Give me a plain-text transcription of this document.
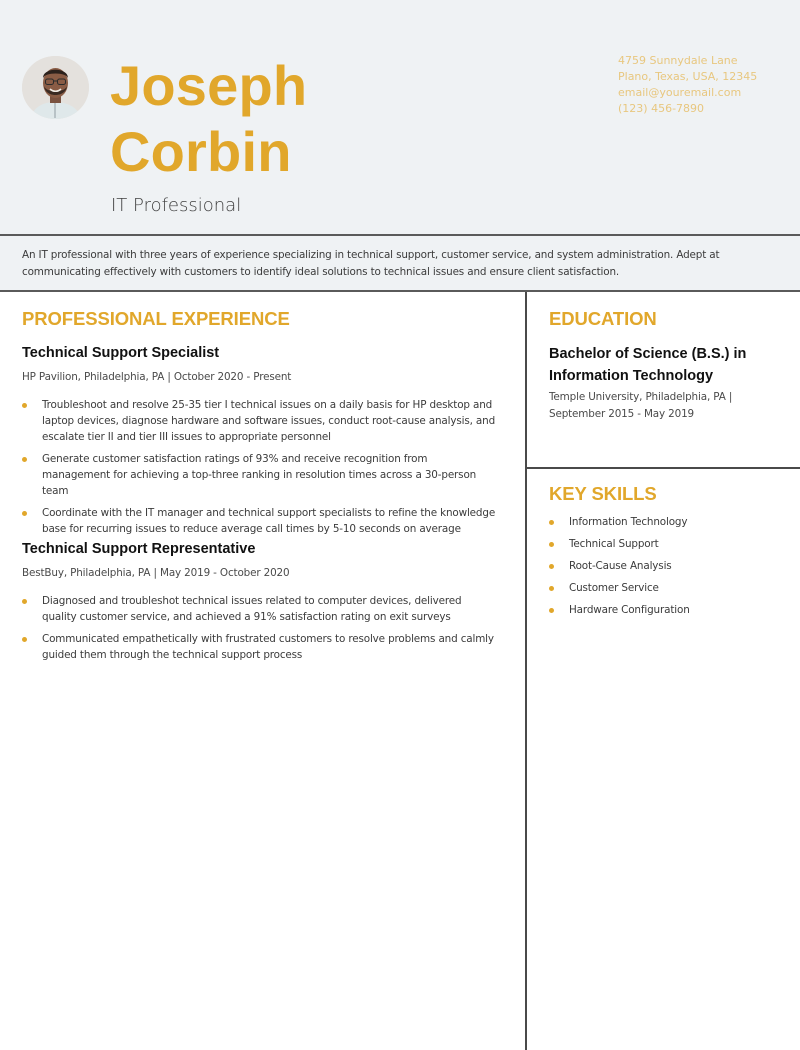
Joseph
Corbin
IT Professional
4759 Sunnydale Lane
Plano, Texas, USA, 12345
email@youremail.com
(123) 456-7890
An IT professional with three years of experience specializing in technical support, customer service, and system administration. Adept at communicating effectively with customers to identify ideal solutions to technical issues and ensure client satisfaction.
PROFESSIONAL EXPERIENCE
Technical Support Specialist
HP Pavilion, Philadelphia, PA | October 2020 - Present
Troubleshoot and resolve 25-35 tier I technical issues on a daily basis for HP desktop and laptop devices, diagnose hardware and software issues, conduct root-cause analysis, and escalate tier II and tier III issues to appropriate personnel
Generate customer satisfaction ratings of 93% and receive recognition from management for achieving a top-three ranking in resolution times across a 30-person team
Coordinate with the IT manager and technical support specialists to refine the knowledge base for recurring issues to reduce average call times by 5-10 seconds on average
Technical Support Representative
BestBuy, Philadelphia, PA | May 2019 - October 2020
Diagnosed and troubleshot technical issues related to computer devices, delivered quality customer service, and achieved a 91% satisfaction rating on exit surveys
Communicated empathetically with frustrated customers to resolve problems and calmly guided them through the technical support process
EDUCATION
Bachelor of Science (B.S.) in Information Technology
Temple University, Philadelphia, PA |
September 2015 - May 2019
KEY SKILLS
Information Technology
Technical Support
Root-Cause Analysis
Customer Service
Hardware Configuration
